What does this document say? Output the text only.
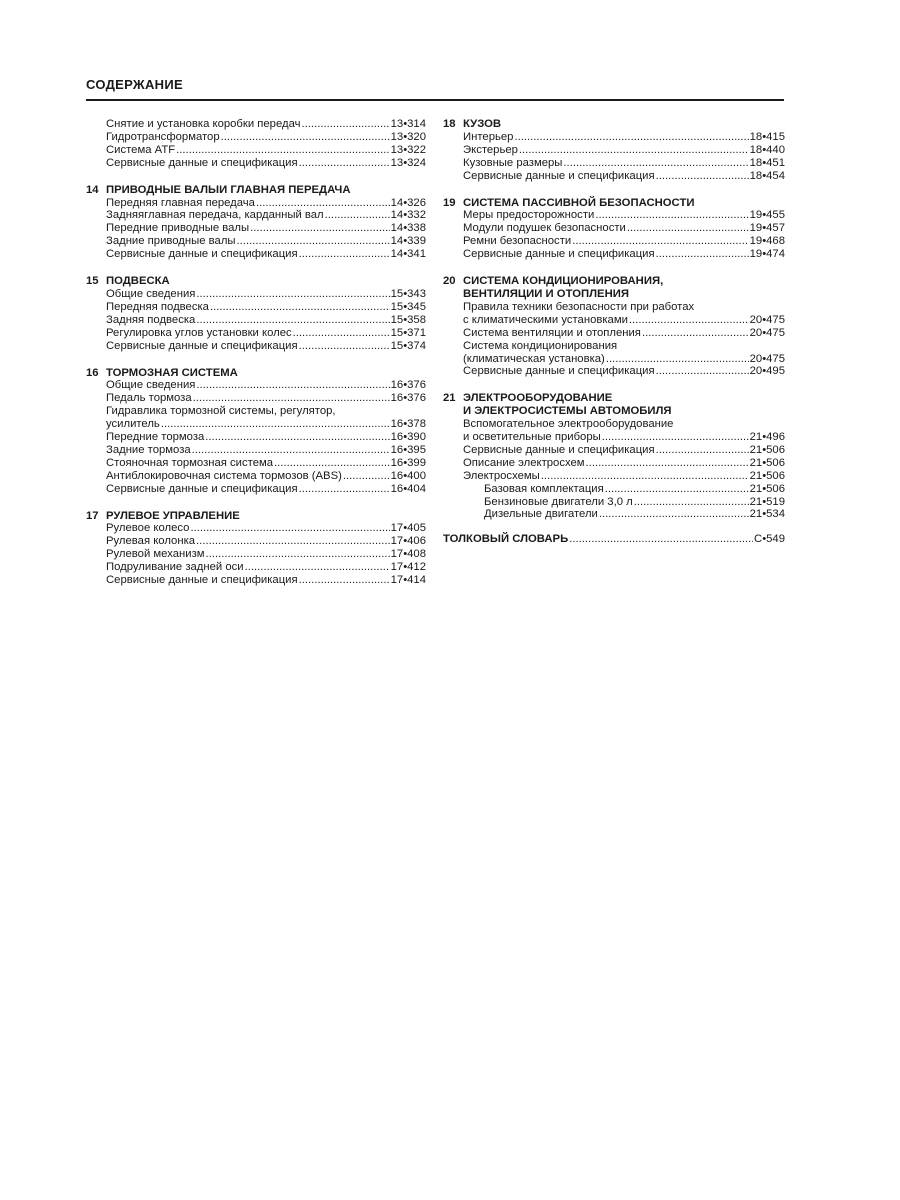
СОДЕРЖАНИЕ
Снятие и установка коробки передач .....	13•314
Гидротрансформатор .....	13•320
Система ATF .....	13•322
Сервисные данные и спецификация .....	13•324
14 ПРИВОДНЫЕ ВАЛЫИ ГЛАВНАЯ ПЕРЕДАЧА
Передняя главная передача .....	14•326
Задняяглавная передача, карданный вал .....	14•332
Передние приводные валы .....	14•338
Задние приводные валы .....	14•339
Сервисные данные и спецификация .....	14•341
15 ПОДВЕСКА
Общие сведения .....	15•343
Передняя подвеска .....	15•345
Задняя подвеска .....	15•358
Регулировка углов установки колес .....	15•371
Сервисные данные и спецификация .....	15•374
16 ТОРМОЗНАЯ СИСТЕМА
Общие сведения .....	16•376
Педаль тормоза .....	16•376
Гидравлика тормозной системы, регулятор,
усилитель .....	16•378
Передние тормоза .....	16•390
Задние тормоза .....	16•395
Стояночная тормозная система .....	16•399
Антиблокировочная система тормозов (ABS) .....	16•400
Сервисные данные и спецификация .....	16•404
17 РУЛЕВОЕ УПРАВЛЕНИЕ
Рулевое колесо .....	17•405
Рулевая колонка .....	17•406
Рулевой механизм .....	17•408
Подруливание задней оси .....	17•412
Сервисные данные и спецификация .....	17•414
18 КУЗОВ
Интерьер .....	18•415
Экстерьер .....	18•440
Кузовные размеры .....	18•451
Сервисные данные и спецификация .....	18•454
19 СИСТЕМА ПАССИВНОЙ БЕЗОПАСНОСТИ
Меры предосторожности .....	19•455
Модули подушек безопасности .....	19•457
Ремни безопасности .....	19•468
Сервисные данные и спецификация .....	19•474
20 СИСТЕМА КОНДИЦИОНИРОВАНИЯ,
ВЕНТИЛЯЦИИ И ОТОПЛЕНИЯ
Правила техники безопасности при работах
с климатическими установками .....	20•475
Система вентиляции и отопления .....	20•475
Система кондиционирования
(климатическая установка) .....	20•475
Сервисные данные и спецификация .....	20•495
21 ЭЛЕКТРООБОРУДОВАНИЕ
И ЭЛЕКТРОСИСТЕМЫ АВТОМОБИЛЯ
Вспомогательное электрооборудование
и осветительные приборы .....	21•496
Сервисные данные и спецификация .....	21•506
Описание электросхем .....	21•506
Электросхемы .....	21•506
Базовая комплектация .....	21•506
Бензиновые двигатели 3,0 л .....	21•519
Дизельные двигатели .....	21•534
ТОЛКОВЫЙ СЛОВАРЬ .....	С•549
